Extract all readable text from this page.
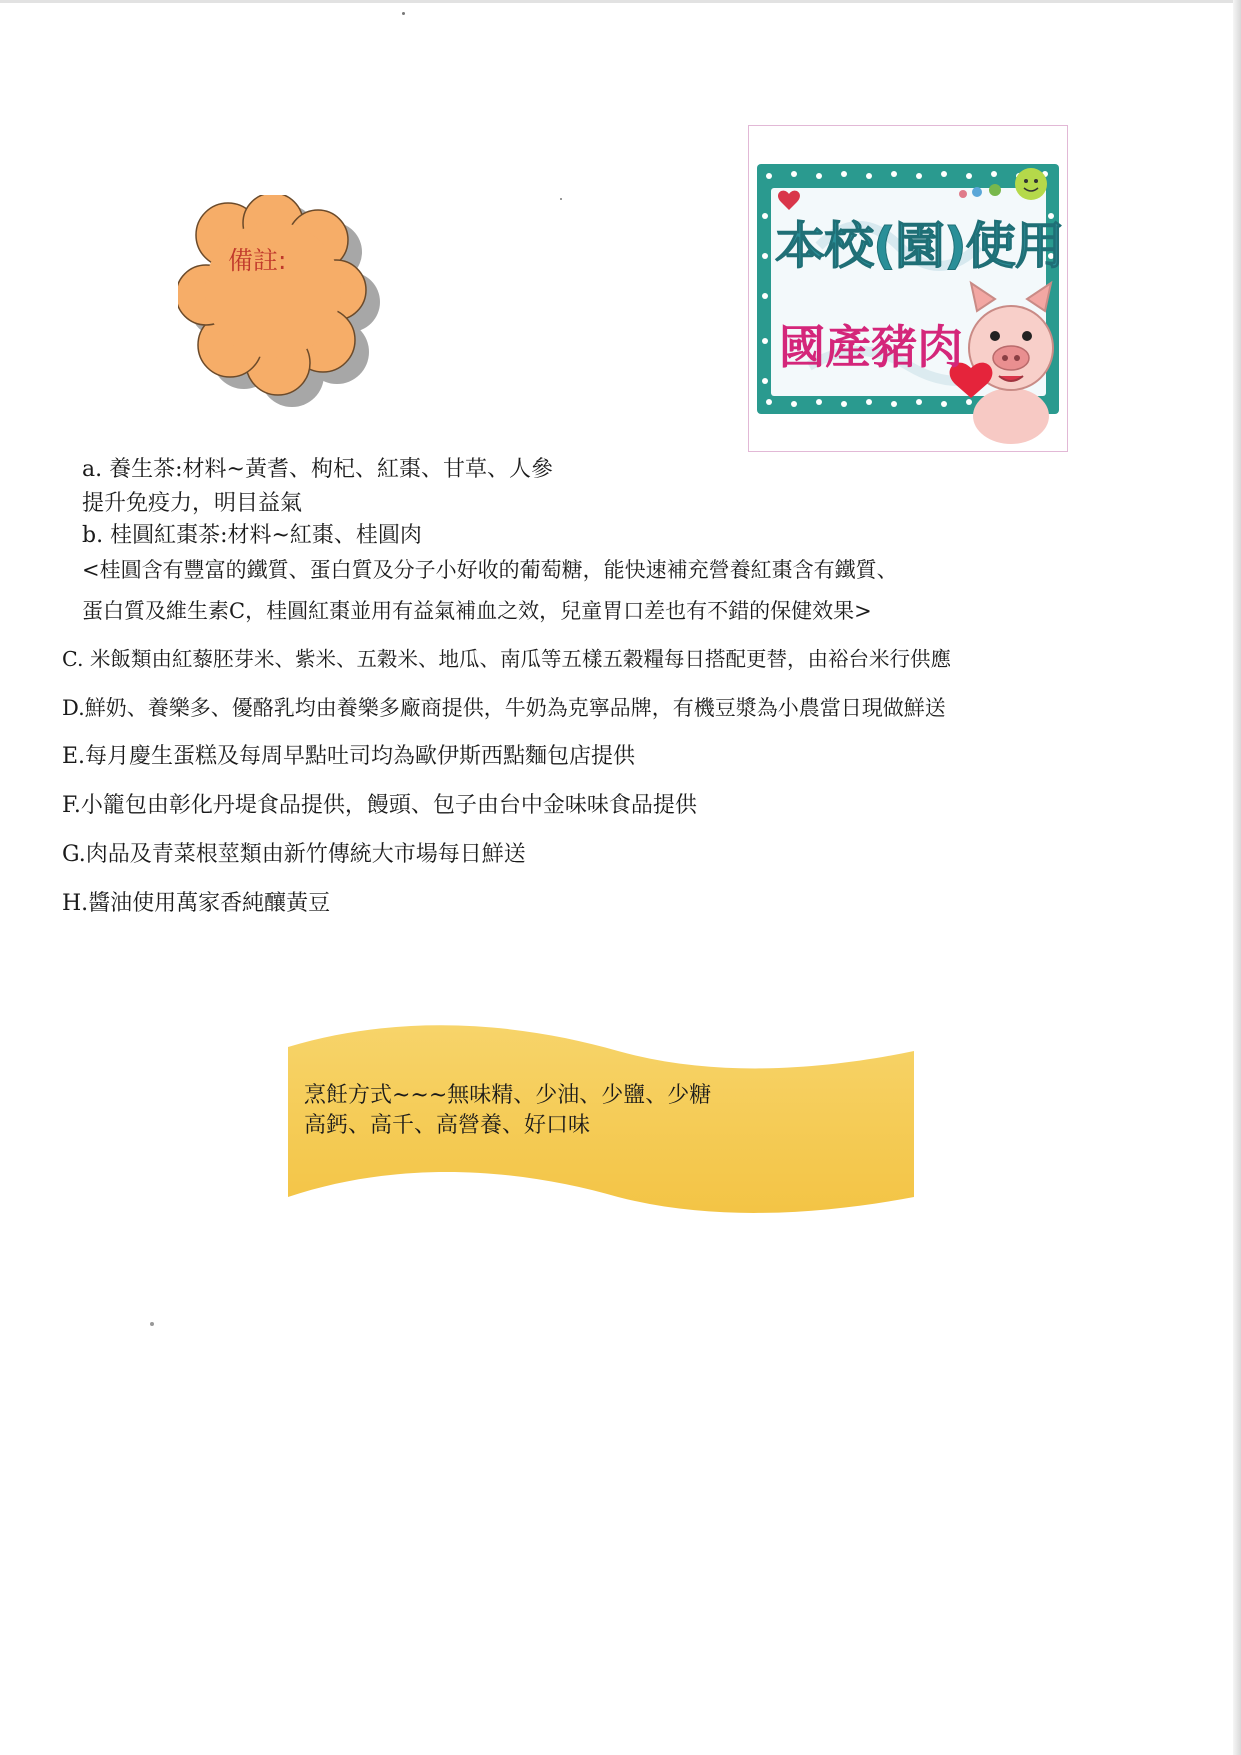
備註:	本校(園)使用
國產豬肉
a. 養生茶:材料~黃耆、枸杞、紅棗、甘草、人參
提升免疫力，明目益氣
b. 桂圓紅棗茶:材料~紅棗、桂圓肉
<桂圓含有豐富的鐵質、蛋白質及分子小好收的葡萄糖，能快速補充營養紅棗含有鐵質、
蛋白質及維生素C，桂圓紅棗並用有益氣補血之效，兒童胃口差也有不錯的保健效果>
C. 米飯類由紅藜胚芽米、紫米、五穀米、地瓜、南瓜等五樣五穀糧每日搭配更替，由裕台米行供應
D.鮮奶、養樂多、優酪乳均由養樂多廠商提供，牛奶為克寧品牌，有機豆漿為小農當日現做鮮送
E.每月慶生蛋糕及每周早點吐司均為歐伊斯西點麵包店提供
F.小籠包由彰化丹堤食品提供，饅頭、包子由台中金味味食品提供
G.肉品及青菜根莖類由新竹傳統大市場每日鮮送
H.醬油使用萬家香純釀黃豆
烹飪方式~~~無味精、少油、少鹽、少糖
高鈣、高千、高營養、好口味
